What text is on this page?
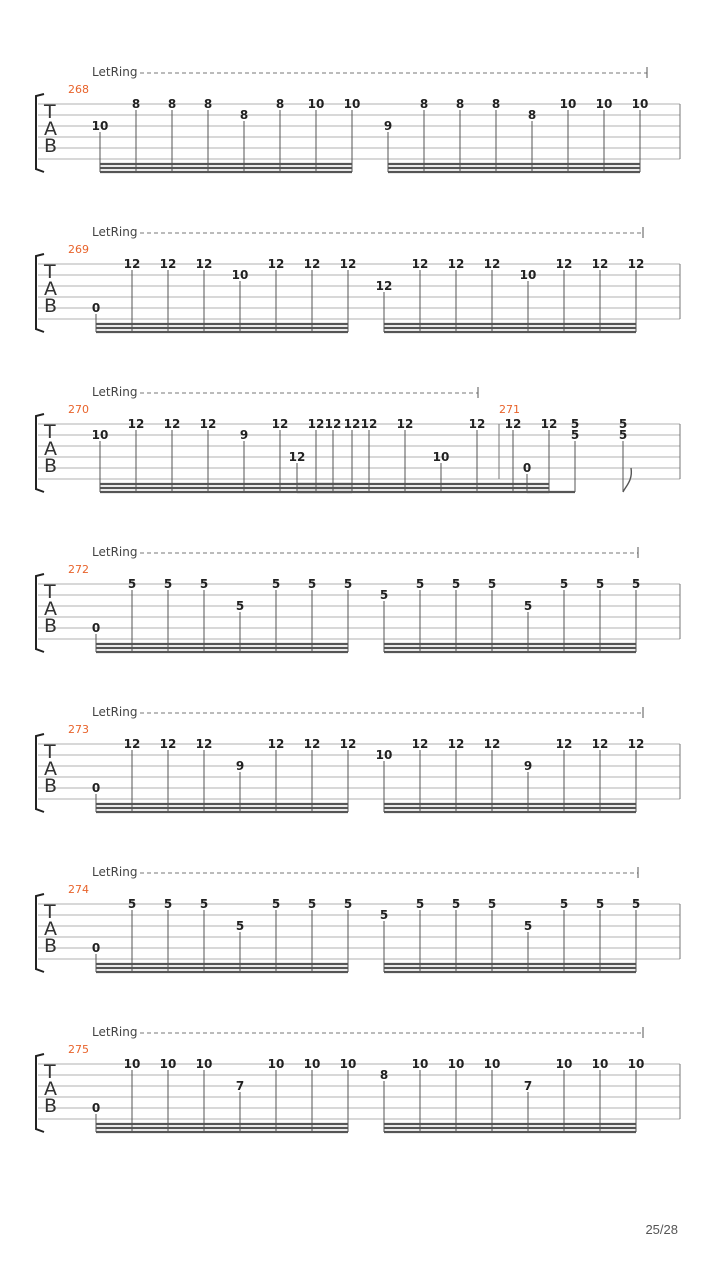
LetRing
T
A
B
268
10
8 8 8
8
8 10 10
9
8 8 8
8
10 10 10
LetRing
T
A
B
269
0
12 12 12
10
12 12 12
12
12 12 12
10
12 12 12
LetRing
T
A
B
270
10
12 12 12
9
12 12 12
12
12 12 12
10
12 12 12
271
0
5
5
5
5
LetRing
T
A
B
272
0
5 5 5
5
5 5 5
5
5 5 5
5
5 5 5
LetRing
T
A
B
273
0
12 12 12
9
12 12 12
10
12 12 12
9
12 12 12
LetRing
T
A
B
274
0
5 5 5
5
5 5 5
5
5 5 5
5
5 5 5
LetRing
T
A
B
275
0
10 10 10
7
10 10 10
8
10 10 10
7
10 10 10
25/28
